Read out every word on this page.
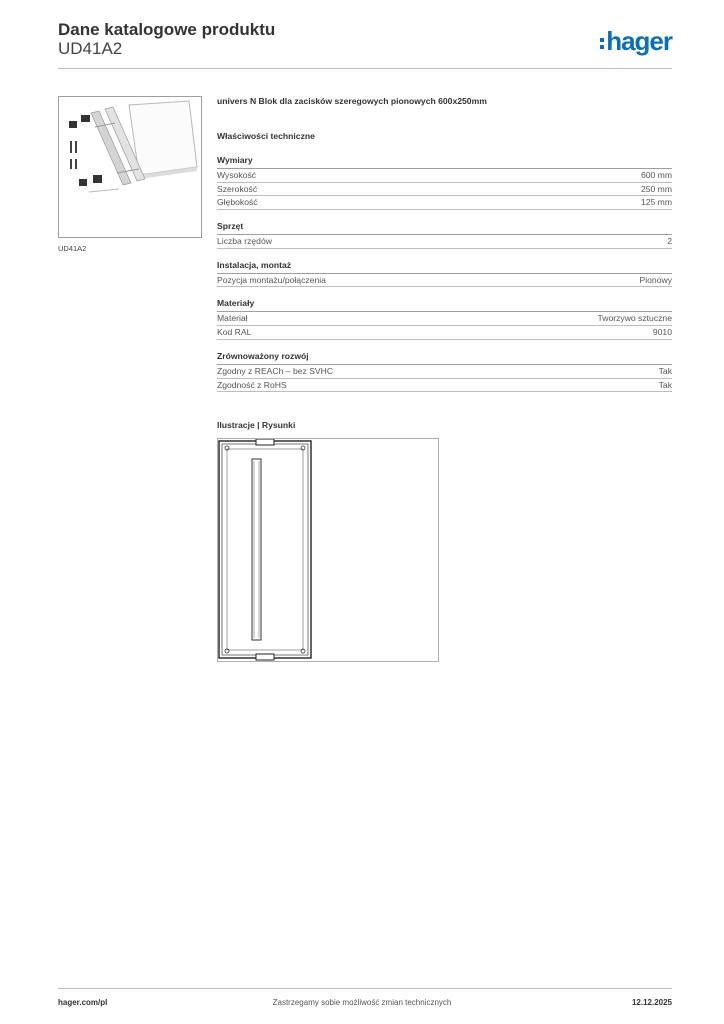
Dane katalogowe produktu
UD41A2	hager
UD41A2
univers N Blok dla zacisków szeregowych pionowych 600x250mm
Właściwości techniczne
Wymiary
Wysokość	600 mm
Szerokość	250 mm
Głębokość	125 mm
Sprzęt
Liczba rzędów	2
Instalacja, montaż
Pozycja montażu/połączenia	Pionowy
Materiały
Materiał	Tworzywo sztuczne
Kod RAL	9010
Zrównoważony rozwój
Zgodny z REACh – bez SVHC	Tak
Zgodność z RoHS	Tak
Ilustracje | Rysunki
hager.com/pl	Zastrzegamy sobie możliwość zmian technicznych	12.12.2025
